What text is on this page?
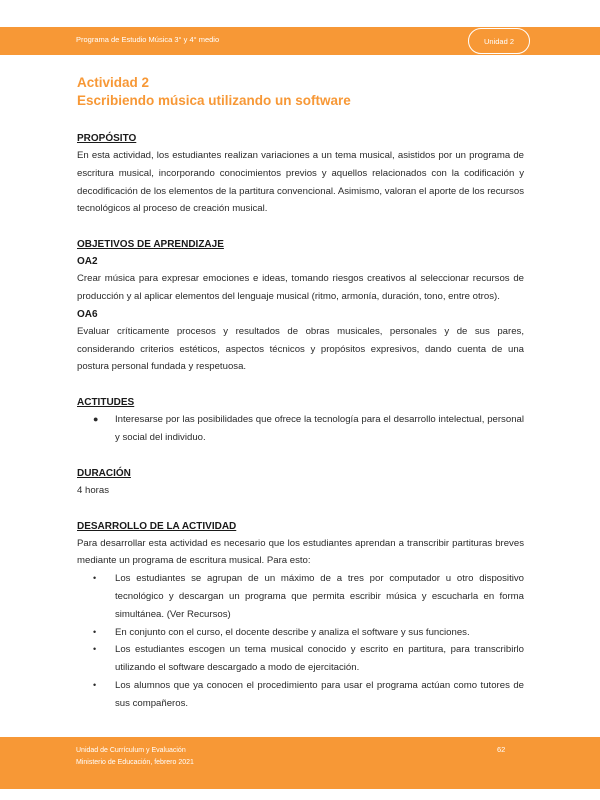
Programa de Estudio Música 3° y 4° medio	Unidad 2
Actividad 2
Escribiendo música utilizando un software
PROPÓSITO

En esta actividad, los estudiantes realizan variaciones a un tema musical, asistidos por un programa de escritura musical, incorporando conocimientos previos y aquellos relacionados con la codificación y decodificación de los elementos de la partitura convencional. Asimismo, valoran el aporte de los recursos tecnológicos al proceso de creación musical.

OBJETIVOS DE APRENDIZAJE
OA2

Crear música para expresar emociones e ideas, tomando riesgos creativos al seleccionar recursos de producción y al aplicar elementos del lenguaje musical (ritmo, armonía, duración, tono, entre otros).

OA6

Evaluar críticamente procesos y resultados de obras musicales, personales y de sus pares, considerando criterios estéticos, aspectos técnicos y propósitos expresivos, dando cuenta de una postura personal fundada y respetuosa.

ACTITUDES
● Interesarse por las posibilidades que ofrece la tecnología para el desarrollo intelectual, personal y social del individuo.
DURACIÓN

4 horas

DESARROLLO DE LA ACTIVIDAD

Para desarrollar esta actividad es necesario que los estudiantes aprendan a transcribir partituras breves mediante un programa de escritura musical. Para esto:

• Los estudiantes se agrupan de un máximo de a tres por computador u otro dispositivo tecnológico y descargan un programa que permita escribir música y escucharla en forma simultánea. (Ver Recursos)
• En conjunto con el curso, el docente describe y analiza el software y sus funciones.
• Los estudiantes escogen un tema musical conocido y escrito en partitura, para transcribirlo utilizando el software descargado a modo de ejercitación.
• Los alumnos que ya conocen el procedimiento para usar el programa actúan como tutores de sus compañeros.
Unidad de Currículum y Evaluación
Ministerio de Educación, febrero 2021
62
